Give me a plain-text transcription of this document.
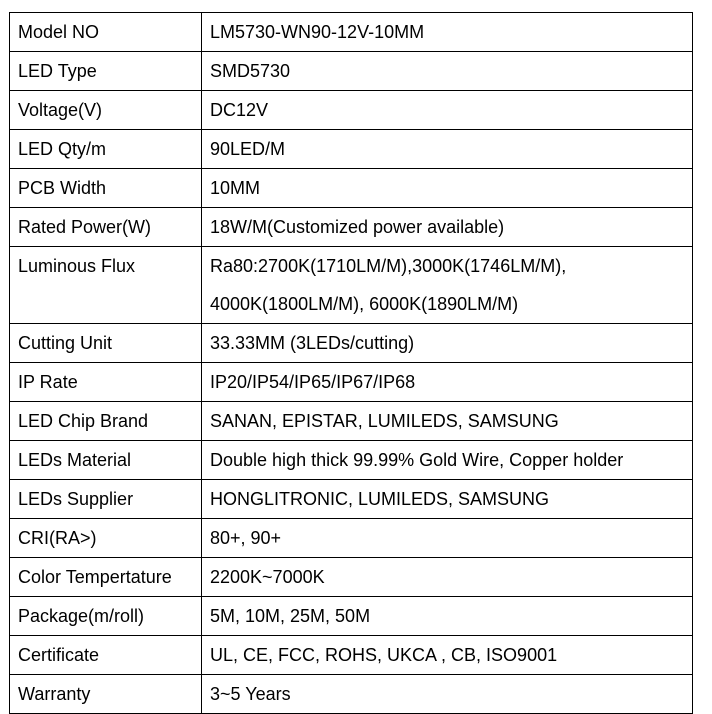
Model NO	LM5730-WN90-12V-10MM

LED Type	SMD5730

Voltage(V)	DC12V

LED Qty/m	90LED/M

PCB Width	10MM

Rated Power(W)	18W/M(Customized power available)

Luminous Flux	Ra80:2700K(1710LM/M),3000K(1746LM/M),
4000K(1800LM/M), 6000K(1890LM/M)

Cutting Unit	33.33MM (3LEDs/cutting)

IP Rate	IP20/IP54/IP65/IP67/IP68

LED Chip Brand	SANAN, EPISTAR, LUMILEDS, SAMSUNG

LEDs Material	Double high thick 99.99% Gold Wire, Copper holder

LEDs Supplier	HONGLITRONIC, LUMILEDS, SAMSUNG

CRI(RA>)	80+, 90+

Color Tempertature	2200K~7000K

Package(m/roll)	5M, 10M, 25M, 50M

Certificate	UL, CE, FCC, ROHS, UKCA , CB, ISO9001

Warranty	3~5 Years
